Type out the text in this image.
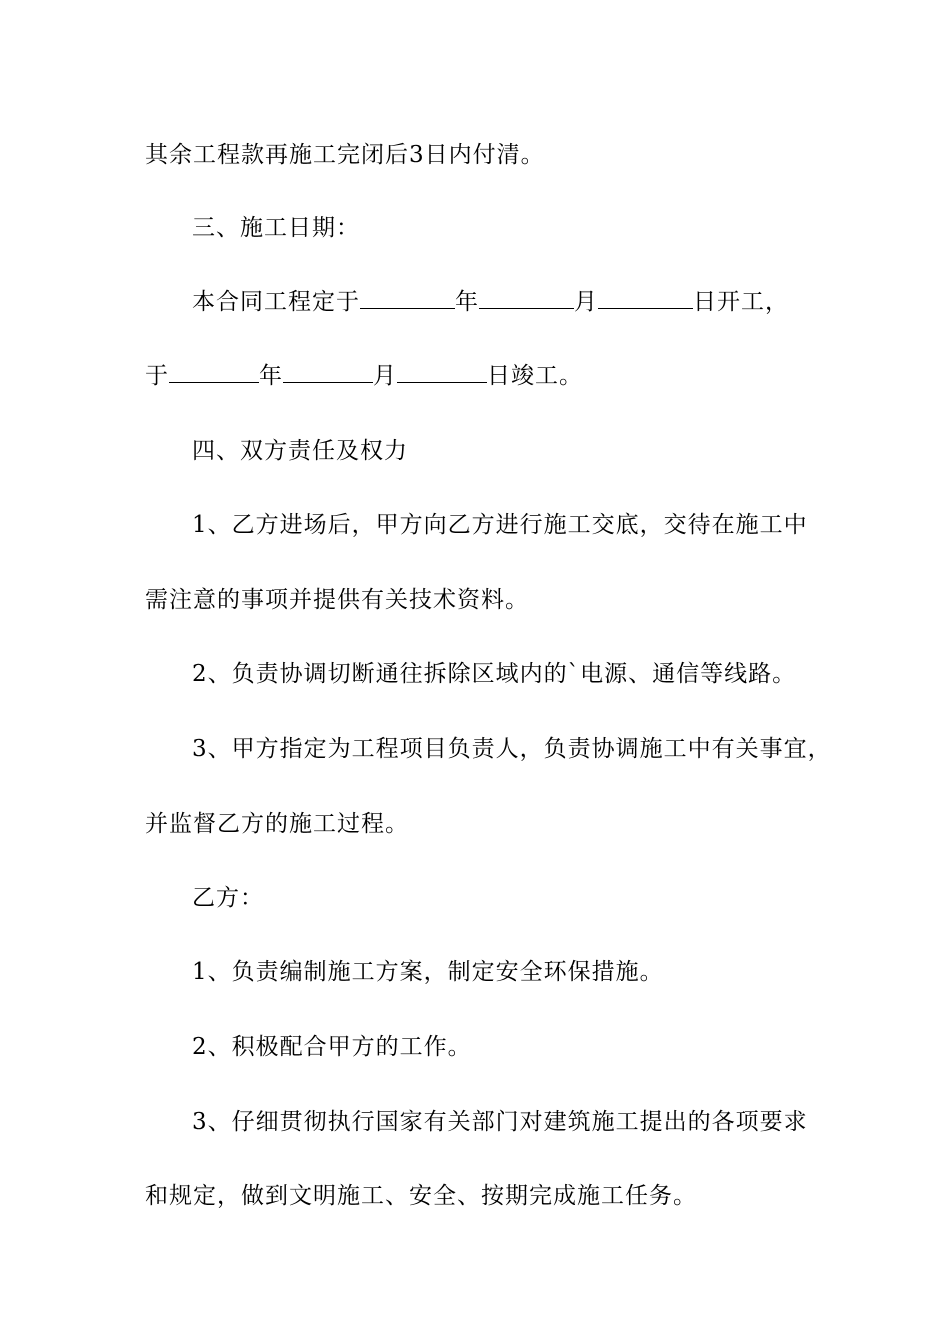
其余工程款再施工完闭后3日内付清。
三、施工日期：
本合同工程定于	年	月	日开工，
于	年	月	日竣工。
四、双方责任及权力
1、乙方进场后，甲方向乙方进行施工交底，交待在施工中
需注意的事项并提供有关技术资料。
2、负责协调切断通往拆除区域内的`电源、通信等线路。
3、甲方指定为工程项目负责人，负责协调施工中有关事宜，
并监督乙方的施工过程。
乙方：
1、负责编制施工方案，制定安全环保措施。
2、积极配合甲方的工作。
3、仔细贯彻执行国家有关部门对建筑施工提出的各项要求
和规定，做到文明施工、安全、按期完成施工任务。
